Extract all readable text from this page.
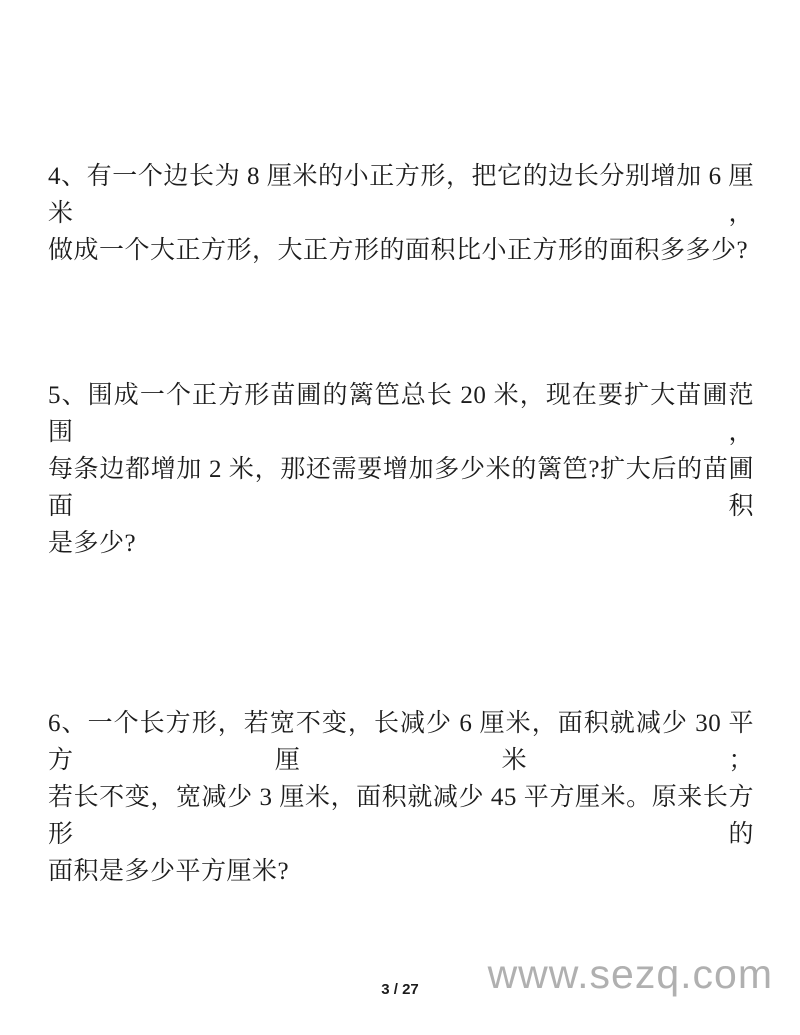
4、有一个边长为 8 厘米的小正方形，把它的边长分别增加 6 厘米，
做成一个大正方形，大正方形的面积比小正方形的面积多多少?
5、围成一个正方形苗圃的篱笆总长 20 米，现在要扩大苗圃范围，
每条边都增加 2 米，那还需要增加多少米的篱笆?扩大后的苗圃面积
是多少?
6、一个长方形，若宽不变，长减少 6 厘米，面积就减少 30 平方厘米；
若长不变，宽减少 3 厘米，面积就减少 45 平方厘米。原来长方形的
面积是多少平方厘米?
3 / 27	www.sezq.com
